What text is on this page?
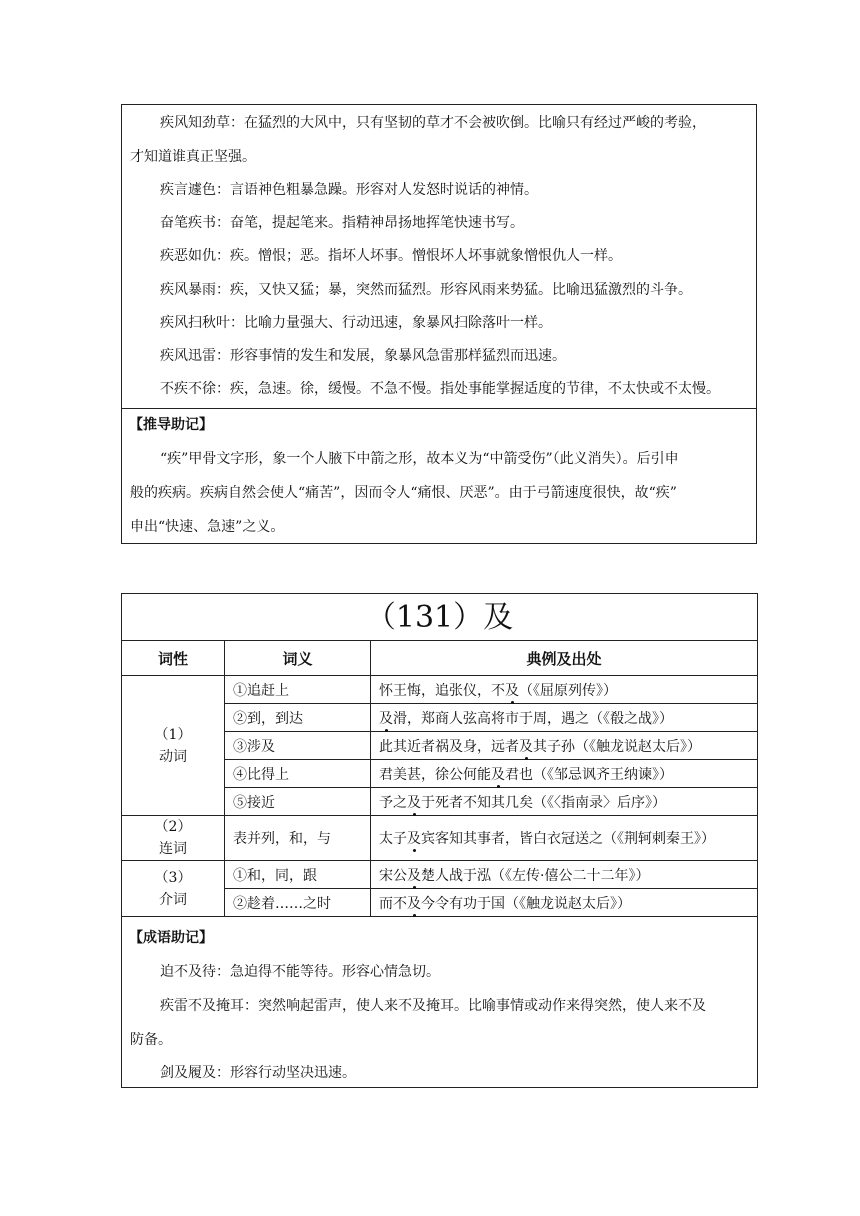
疾风知劲草：在猛烈的大风中，只有坚韧的草才不会被吹倒。比喻只有经过严峻的考验，
才知道谁真正坚强。
疾言遽色：言语神色粗暴急躁。形容对人发怒时说话的神情。
奋笔疾书：奋笔，提起笔来。指精神昂扬地挥笔快速书写。
疾恶如仇：疾。憎恨；恶。指坏人坏事。憎恨坏人坏事就象憎恨仇人一样。
疾风暴雨：疾，又快又猛；暴，突然而猛烈。形容风雨来势猛。比喻迅猛激烈的斗争。
疾风扫秋叶：比喻力量强大、行动迅速，象暴风扫除落叶一样。
疾风迅雷：形容事情的发生和发展，象暴风急雷那样猛烈而迅速。
不疾不徐：疾，急速。徐，缓慢。不急不慢。指处事能掌握适度的节律，不太快或不太慢。
【推导助记】
“疾”甲骨文字形，象一个人腋下中箭之形，故本义为“中箭受伤”（此义消失）。后引申
般的疾病。疾病自然会使人“痛苦”，因而令人“痛恨、厌恶”。由于弓箭速度很快，故“疾”
申出“快速、急速”之义。
（131）及
词性	词义	典例及出处

（1）
动词	①追赶上	怀王悔，追张仪，不及（《屈原列传》）
	②到，到达	及滑，郑商人弦高将市于周，遇之（《殽之战》）
	③涉及	此其近者祸及身，远者及其子孙（《触龙说赵太后》）
	④比得上	君美甚，徐公何能及君也（《邹忌讽齐王纳谏》）
	⑤接近	予之及于死者不知其几矣（《〈指南录〉后序》）

（2）
连词	表并列，和，与	太子及宾客知其事者，皆白衣冠送之（《荆轲刺秦王》）

（3）
介词	①和，同，跟	宋公及楚人战于泓（《左传·僖公二十二年》）
	②趁着……之时	而不及今令有功于国（《触龙说赵太后》）
【成语助记】
迫不及待：急迫得不能等待。形容心情急切。
疾雷不及掩耳：突然响起雷声，使人来不及掩耳。比喻事情或动作来得突然，使人来不及
防备。
剑及履及：形容行动坚决迅速。
